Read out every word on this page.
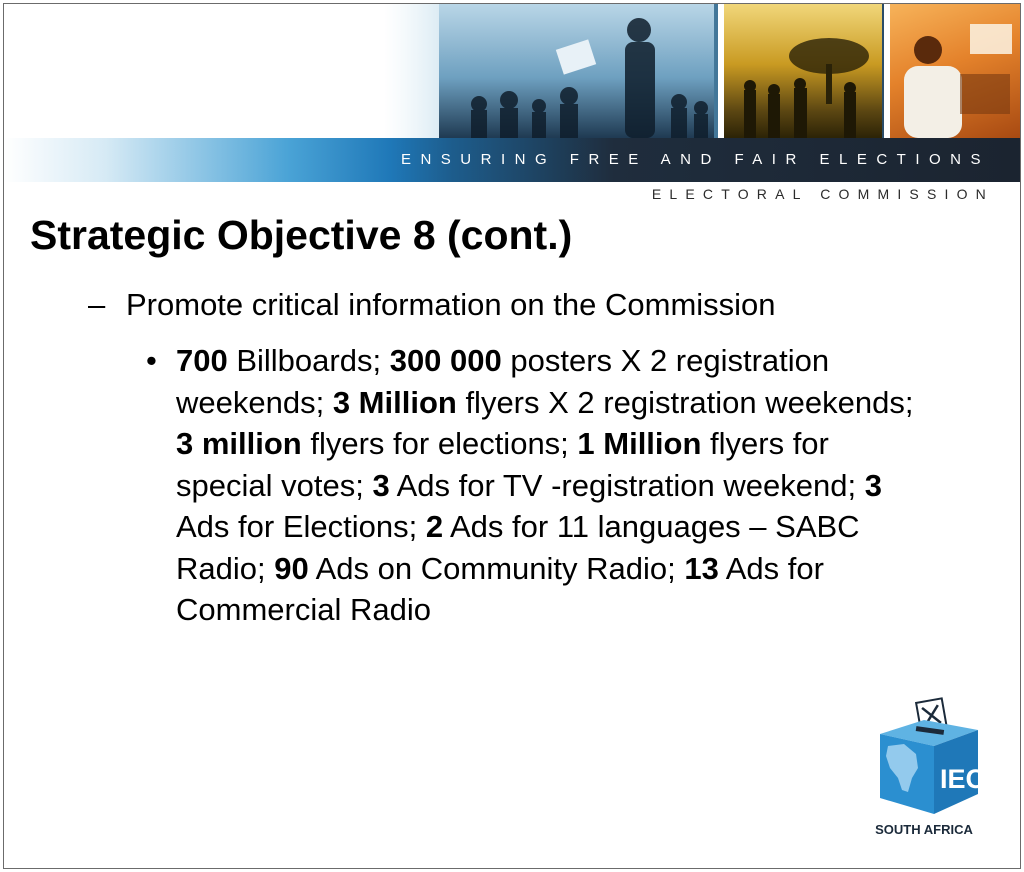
ENSURING FREE AND FAIR ELECTIONS
ELECTORAL COMMISSION
Strategic Objective 8 (cont.)
– Promote critical information on the Commission
• 700 Billboards; 300 000 posters X 2 registration weekends; 3 Million flyers X 2 registration weekends; 3 million flyers for elections; 1 Million flyers for special votes; 3 Ads for TV -registration weekend; 3 Ads for Elections; 2 Ads for 11 languages – SABC Radio; 90 Ads on Community Radio; 13 Ads for Commercial Radio
IEC
SOUTH AFRICA
